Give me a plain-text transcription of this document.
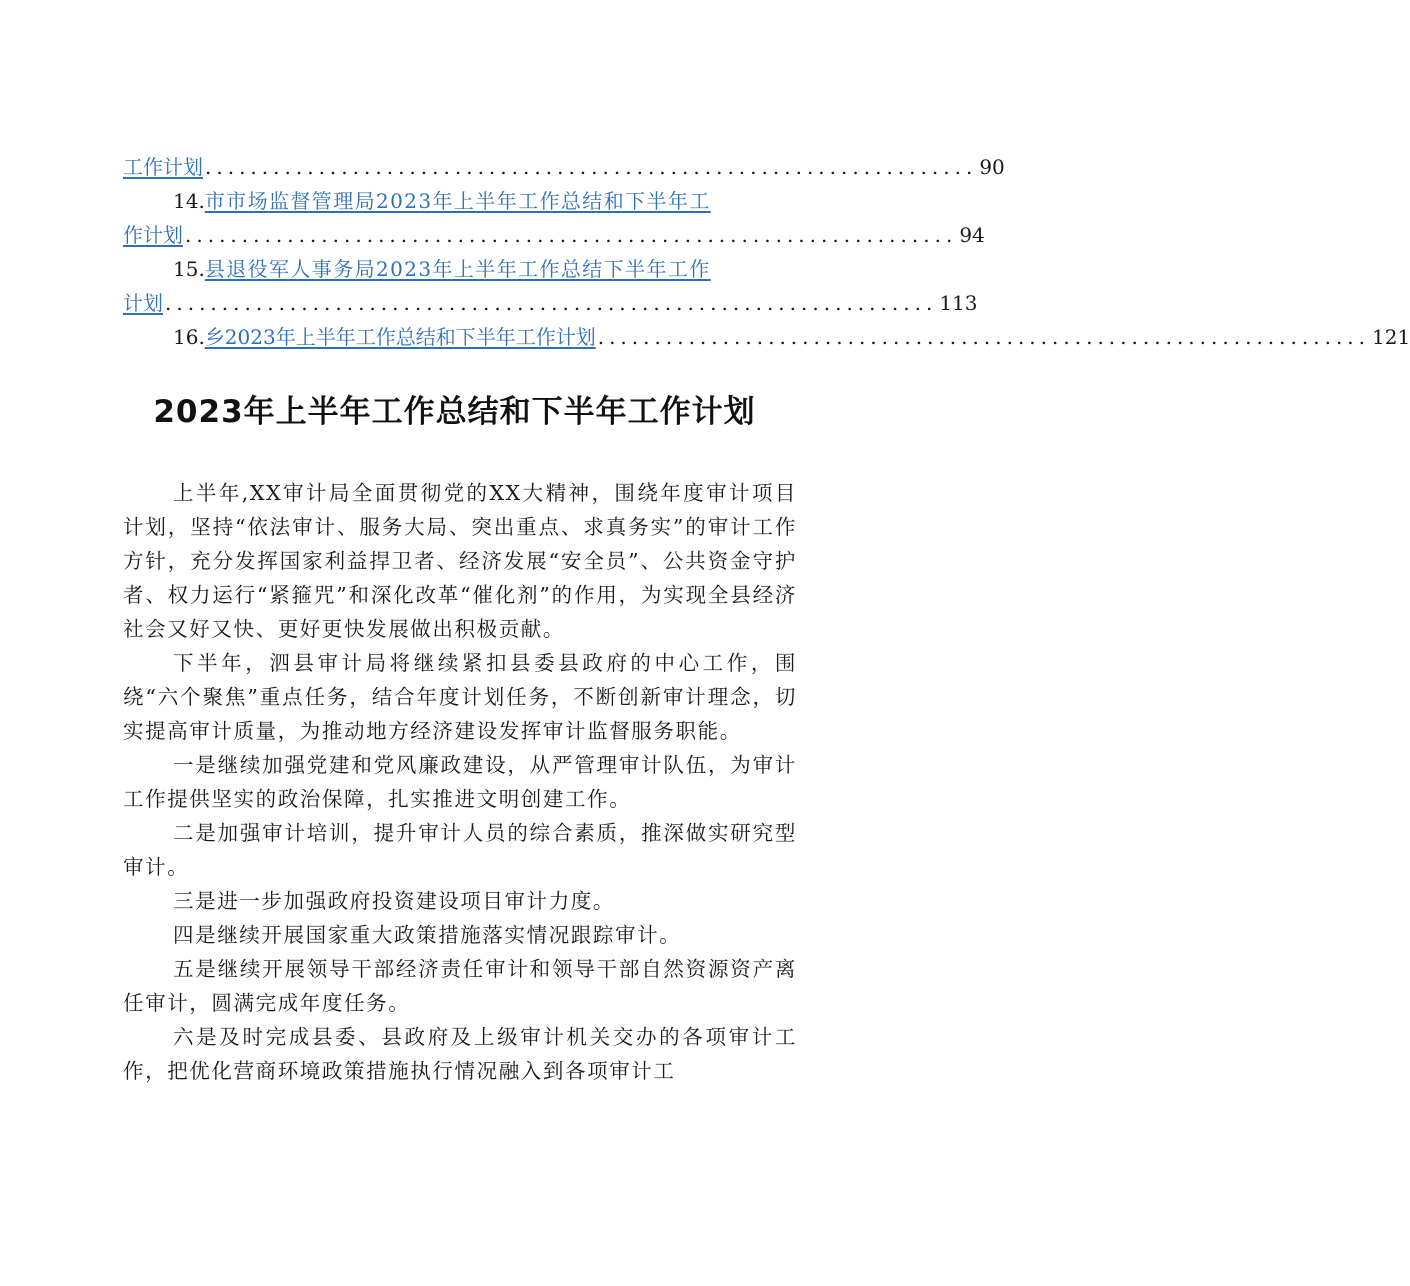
工作计划 .................................................................... 90
14. 市市场监督管理局2023年上半年工作总结和下半年工
作计划 .................................................................... 94
15. 县退役军人事务局2023年上半年工作总结下半年工作
计划 .................................................................... 113
16. 乡2023年上半年工作总结和下半年工作计划 .................................................................... 121
2023年上半年工作总结和下半年工作计划

上半年,XX审计局全面贯彻党的XX大精神，围绕年度审计项目计划，坚持“依法审计、服务大局、突出重点、求真务实”的审计工作方针，充分发挥国家利益捍卫者、经济发展“安全员”、公共资金守护者、权力运行“紧箍咒”和深化改革“催化剂”的作用，为实现全县经济社会又好又快、更好更快发展做出积极贡献。

下半年，泗县审计局将继续紧扣县委县政府的中心工作，围绕“六个聚焦”重点任务，结合年度计划任务，不断创新审计理念，切实提高审计质量，为推动地方经济建设发挥审计监督服务职能。

一是继续加强党建和党风廉政建设，从严管理审计队伍，为审计工作提供坚实的政治保障，扎实推进文明创建工作。

二是加强审计培训，提升审计人员的综合素质，推深做实研究型审计。

三是进一步加强政府投资建设项目审计力度。

四是继续开展国家重大政策措施落实情况跟踪审计。

五是继续开展领导干部经济责任审计和领导干部自然资源资产离任审计，圆满完成年度任务。

六是及时完成县委、县政府及上级审计机关交办的各项审计工作，把优化营商环境政策措施执行情况融入到各项审计工
